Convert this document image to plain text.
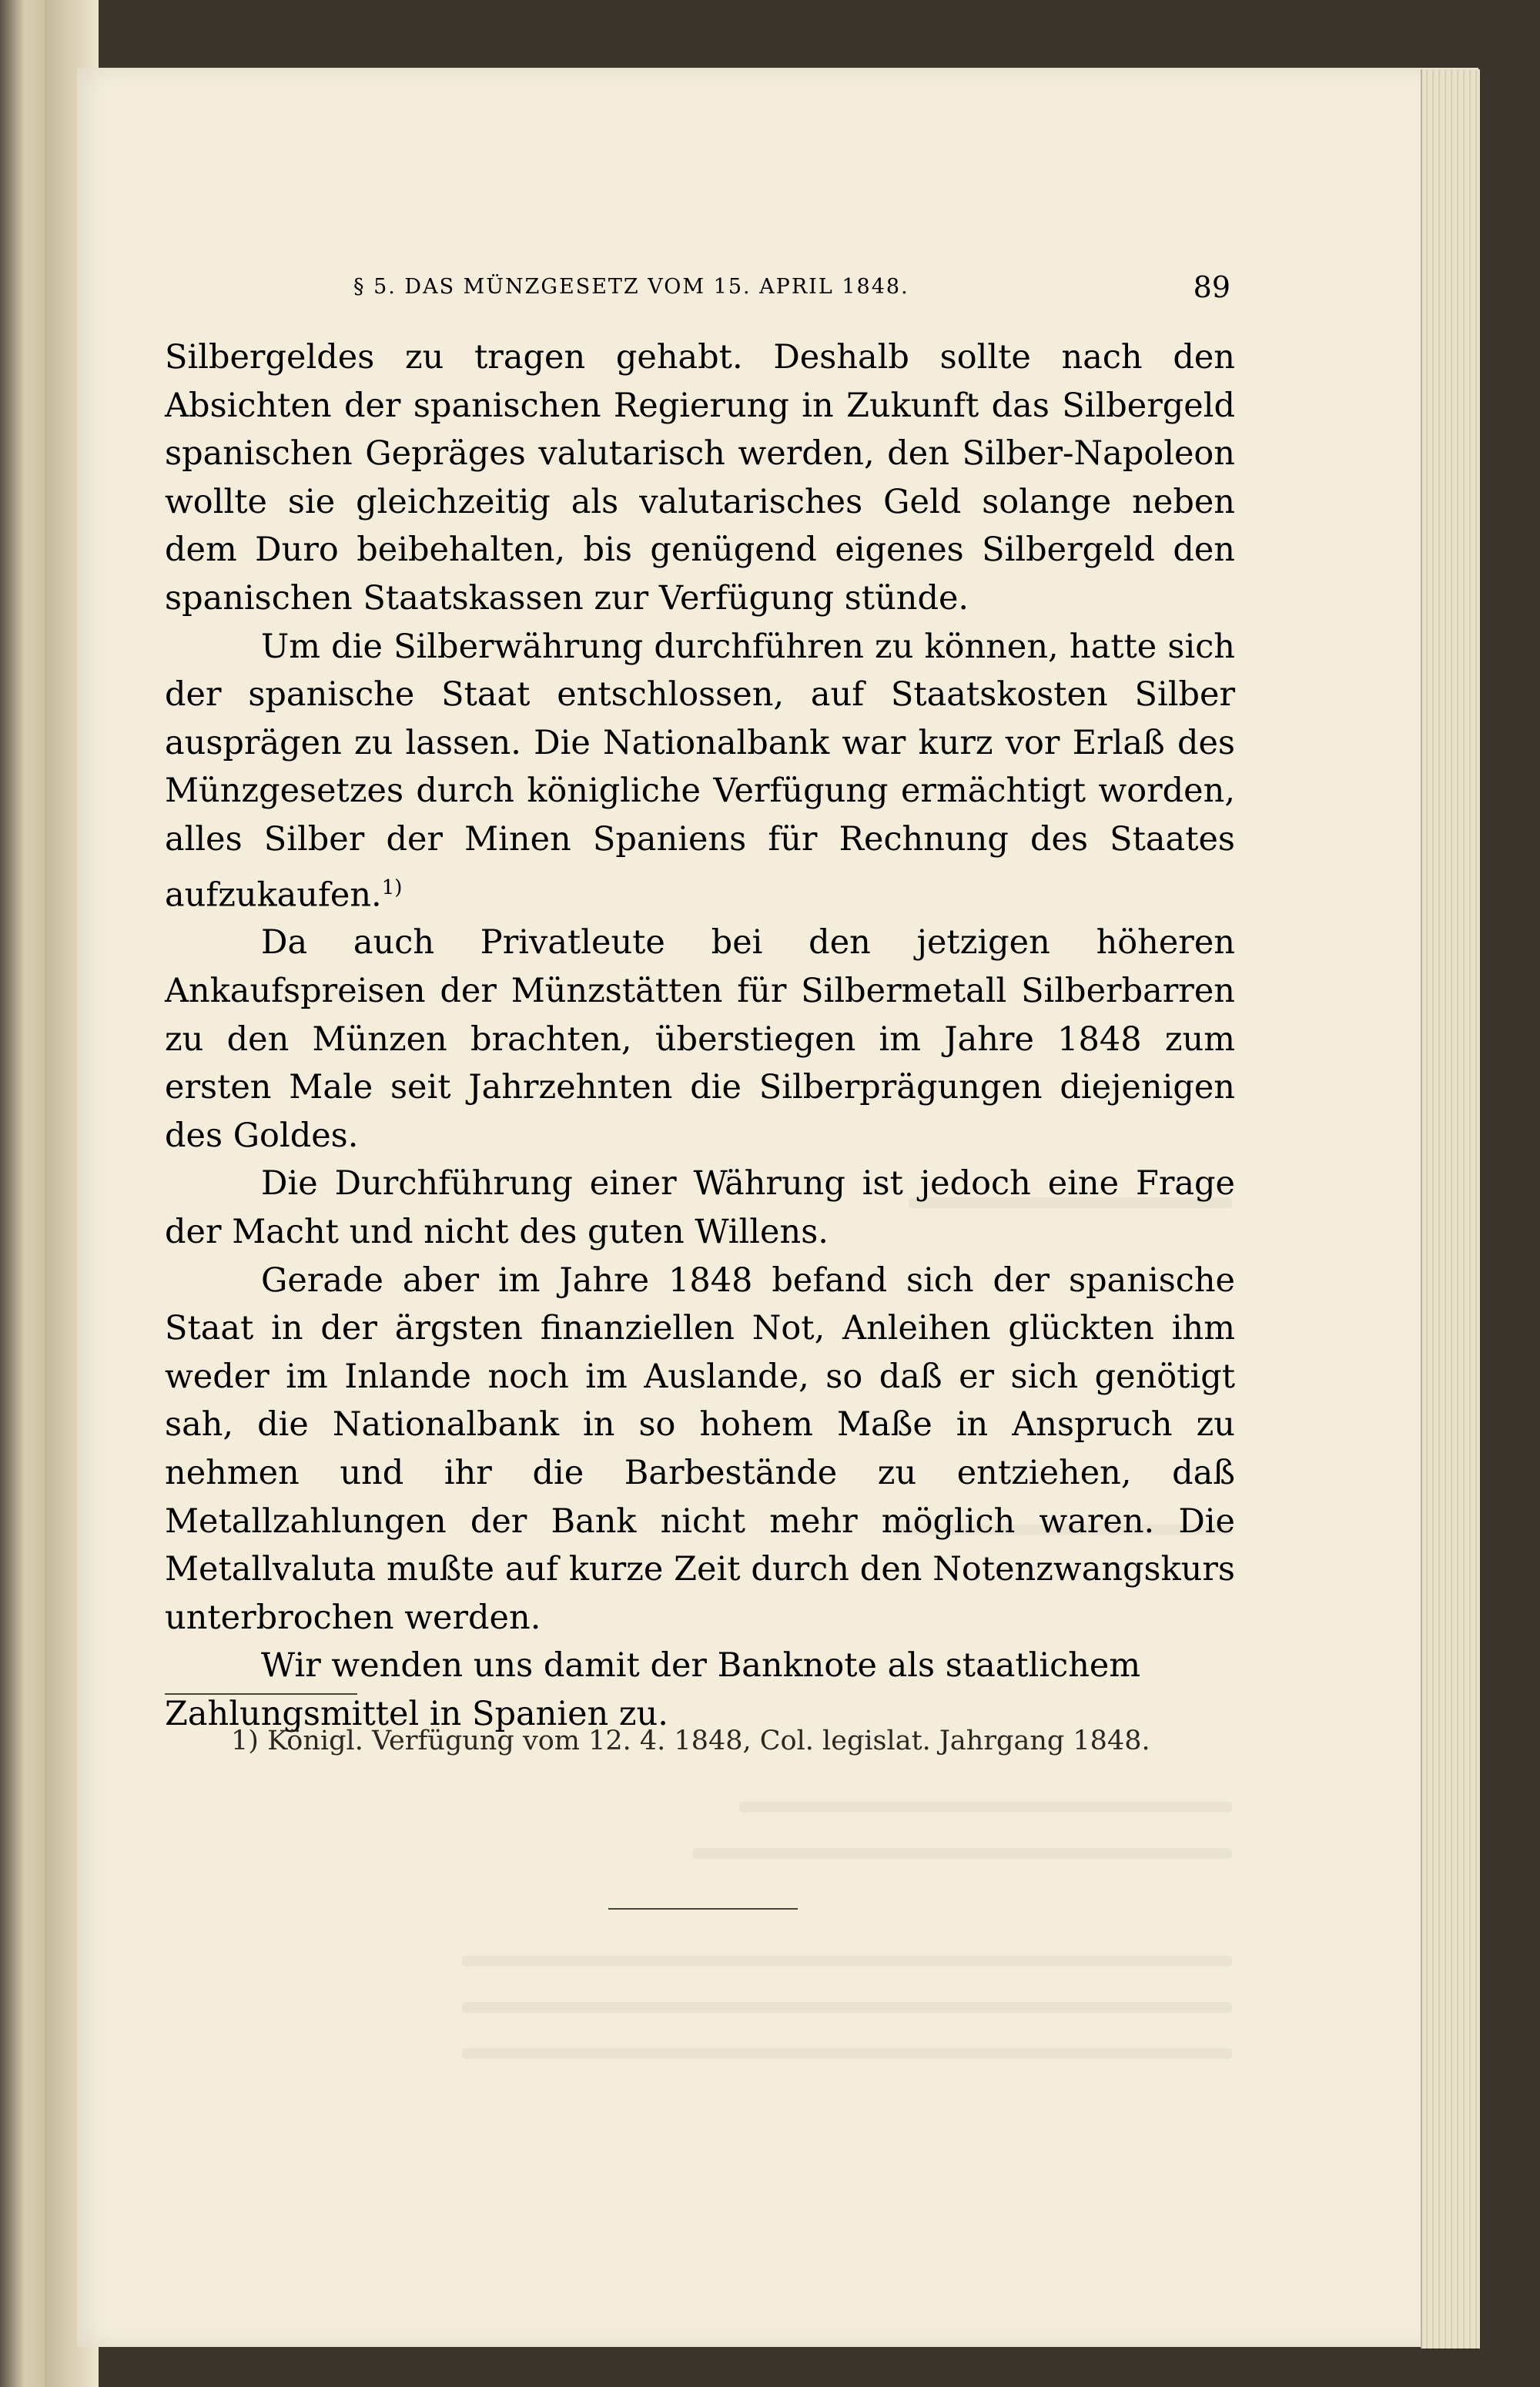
§ 5. DAS MÜNZGESETZ VOM 15. APRIL 1848.	89

Silbergeldes zu tragen gehabt. Deshalb sollte nach den Absichten der spanischen Regierung in Zukunft das Silbergeld spanischen Gepräges valutarisch werden, den Silber-Napoleon wollte sie gleichzeitig als valutarisches Geld solange neben dem Duro beibehalten, bis genügend eigenes Silbergeld den spanischen Staatskassen zur Verfügung stünde.

Um die Silberwährung durchführen zu können, hatte sich der spanische Staat entschlossen, auf Staatskosten Silber ausprägen zu lassen. Die Nationalbank war kurz vor Erlaß des Münzgesetzes durch königliche Verfügung ermächtigt worden, alles Silber der Minen Spaniens für Rechnung des Staates aufzukaufen.$^{1)}$

Da auch Privatleute bei den jetzigen höheren Ankaufspreisen der Münzstätten für Silbermetall Silberbarren zu den Münzen brachten, überstiegen im Jahre 1848 zum ersten Male seit Jahrzehnten die Silberprägungen diejenigen des Goldes.

Die Durchführung einer Währung ist jedoch eine Frage der Macht und nicht des guten Willens.

Gerade aber im Jahre 1848 befand sich der spanische Staat in der ärgsten finanziellen Not, Anleihen glückten ihm weder im Inlande noch im Auslande, so daß er sich genötigt sah, die Nationalbank in so hohem Maße in Anspruch zu nehmen und ihr die Barbestände zu entziehen, daß Metallzahlungen der Bank nicht mehr möglich waren. Die Metallvaluta mußte auf kurze Zeit durch den Notenzwangskurs unterbrochen werden.

Wir wenden uns damit der Banknote als staatlichem Zahlungsmittel in Spanien zu.

1) Königl. Verfügung vom 12. 4. 1848, Col. legislat. Jahrgang 1848.
